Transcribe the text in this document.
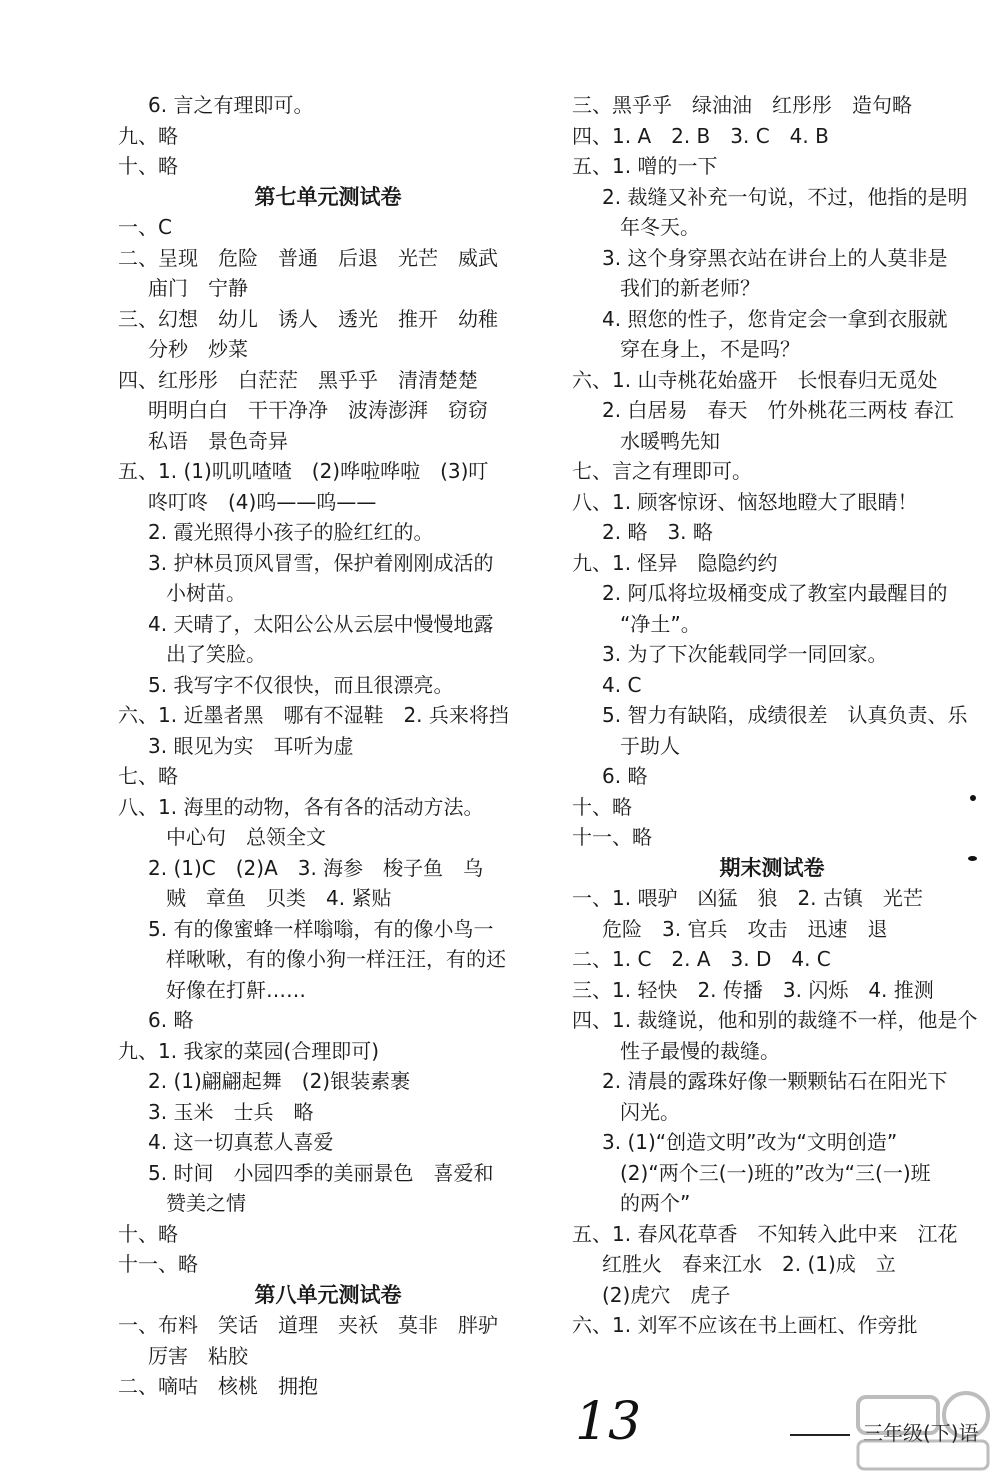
6. 言之有理即可。
九、略
十、略
第七单元测试卷
一、C
二、呈现　危险　普通　后退　光芒　威武
庙门　宁静
三、幻想　幼儿　诱人　透光　推开　幼稚
分秒　炒菜
四、红彤彤　白茫茫　黑乎乎　清清楚楚
明明白白　干干净净　波涛澎湃　窃窃
私语　景色奇异
五、1. (1)叽叽喳喳　(2)哗啦哗啦　(3)叮
咚叮咚　(4)呜——呜——
2. 霞光照得小孩子的脸红红的。
3. 护林员顶风冒雪，保护着刚刚成活的
小树苗。
4. 天晴了，太阳公公从云层中慢慢地露
出了笑脸。
5. 我写字不仅很快，而且很漂亮。
六、1. 近墨者黑　哪有不湿鞋　2. 兵来将挡
3. 眼见为实　耳听为虚
七、略
八、1. 海里的动物，各有各的活动方法。
中心句　总领全文
2. (1)C　(2)A　3. 海参　梭子鱼　乌
贼　章鱼　贝类　4. 紧贴
5. 有的像蜜蜂一样嗡嗡，有的像小鸟一
样啾啾，有的像小狗一样汪汪，有的还
好像在打鼾……
6. 略
九、1. 我家的菜园(合理即可)
2. (1)翩翩起舞　(2)银装素裹
3. 玉米　士兵　略
4. 这一切真惹人喜爱
5. 时间　小园四季的美丽景色　喜爱和
赞美之情
十、略
十一、略
第八单元测试卷
一、布料　笑话　道理　夹袄　莫非　胖驴
厉害　粘胶
二、嘀咕　核桃　拥抱
三、黑乎乎　绿油油　红彤彤　造句略
四、1. A　2. B　3. C　4. B
五、1. 噌的一下
2. 裁缝又补充一句说，不过，他指的是明
年冬天。
3. 这个身穿黑衣站在讲台上的人莫非是
我们的新老师？
4. 照您的性子，您肯定会一拿到衣服就
穿在身上，不是吗？
六、1. 山寺桃花始盛开　长恨春归无觅处
2. 白居易　春天　竹外桃花三两枝 春江
水暖鸭先知
七、言之有理即可。
八、1. 顾客惊讶、恼怒地瞪大了眼睛！
2. 略　3. 略
九、1. 怪异　隐隐约约
2. 阿瓜将垃圾桶变成了教室内最醒目的
“净土”。
3. 为了下次能载同学一同回家。
4. C
5. 智力有缺陷，成绩很差　认真负责、乐
于助人
6. 略
十、略
十一、略
期末测试卷
一、1. 喂驴　凶猛　狼　2. 古镇　光芒
危险　3. 官兵　攻击　迅速　退
二、1. C　2. A　3. D　4. C
三、1. 轻快　2. 传播　3. 闪烁　4. 推测
四、1. 裁缝说，他和别的裁缝不一样，他是个
性子最慢的裁缝。
2. 清晨的露珠好像一颗颗钻石在阳光下
闪光。
3. (1)“创造文明”改为“文明创造”
(2)“两个三(一)班的”改为“三(一)班
的两个”
五、1. 春风花草香　不知转入此中来　江花
红胜火　春来江水　2. (1)成　立
(2)虎穴　虎子
六、1. 刘军不应该在书上画杠、作旁批
13	三年级(下)语
